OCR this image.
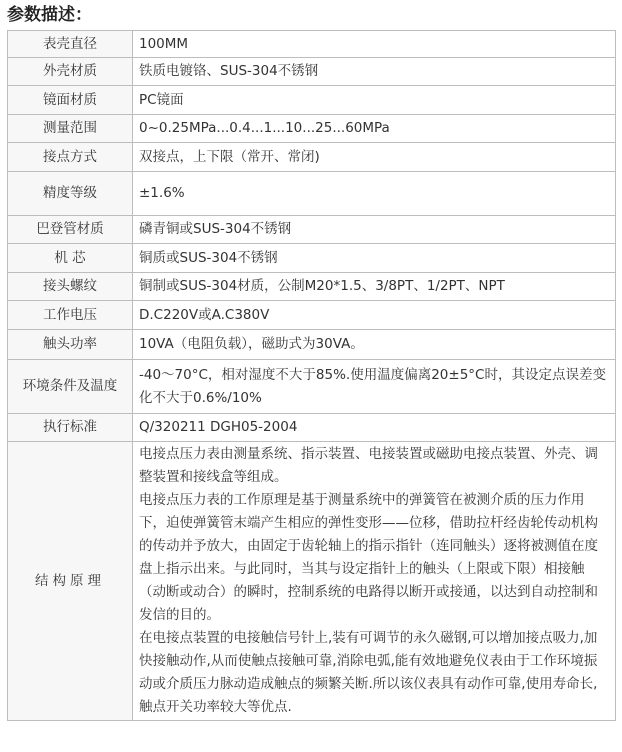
参数描述：
表壳直径	100MM
外壳材质	铁质电镀铬、SUS-304不锈钢
镜面材质	PC镜面
测量范围	0~0.25MPa...0.4...1...10...25...60MPa
接点方式	双接点，上下限（常开、常闭)
精度等级	±1.6%
巴登管材质	磷青铜或SUS-304不锈钢
机 芯	铜质或SUS-304不锈钢
接头螺纹	铜制或SUS-304材质，公制M20*1.5、3/8PT、1/2PT、NPT
工作电压	D.C220V或A.C380V
触头功率	10VA（电阻负载），磁助式为30VA。
环境条件及温度	-40～70°C，相对湿度不大于85%.使用温度偏离20±5°C时，其设定点误差变化不大于0.6%/10%
执行标准	Q/320211 DGH05-2004
结构原理	电接点压力表由测量系统、指示装置、电接装置或磁助电接点装置、外壳、调整装置和接线盒等组成。
电接点压力表的工作原理是基于测量系统中的弹簧管在被测介质的压力作用下，迫使弹簧管末端产生相应的弹性变形——位移，借助拉杆经齿轮传动机构的传动并予放大，由固定于齿轮轴上的指示指针（连同触头）逐将被测值在度盘上指示出来。与此同时，当其与设定指针上的触头（上限或下限）相接触（动断或动合）的瞬时，控制系统的电路得以断开或接通，以达到自动控制和发信的目的。
在电接点装置的电接触信号针上,装有可调节的永久磁钢,可以增加接点吸力,加快接触动作,从而使触点接触可靠,消除电弧,能有效地避免仪表由于工作环境振动或介质压力脉动造成触点的频繁关断.所以该仪表具有动作可靠,使用寿命长,触点开关功率较大等优点.
